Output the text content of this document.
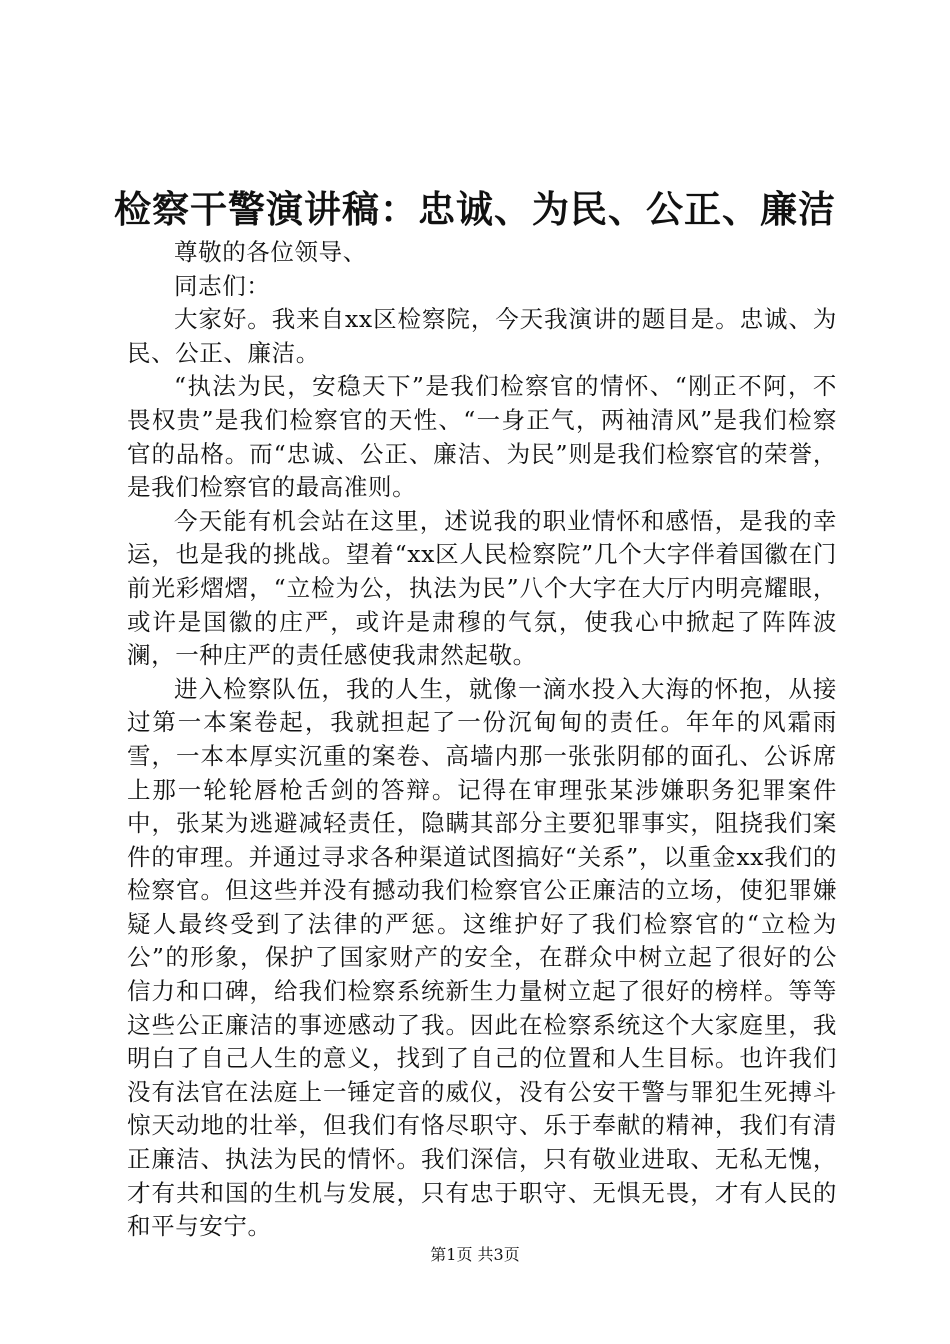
检察干警演讲稿：忠诚、为民、公正、廉洁

尊敬的各位领导、

同志们：

大家好。我来自xx区检察院，今天我演讲的题目是。忠诚、为民、公正、廉洁。

“执法为民，安稳天下”是我们检察官的情怀、“刚正不阿，不畏权贵”是我们检察官的天性、“一身正气，两袖清风”是我们检察官的品格。而“忠诚、公正、廉洁、为民”则是我们检察官的荣誉，是我们检察官的最高准则。

今天能有机会站在这里，述说我的职业情怀和感悟，是我的幸运，也是我的挑战。望着“xx区人民检察院”几个大字伴着国徽在门前光彩熠熠，“立检为公，执法为民”八个大字在大厅内明亮耀眼，或许是国徽的庄严，或许是肃穆的气氛，使我心中掀起了阵阵波澜，一种庄严的责任感使我肃然起敬。

进入检察队伍，我的人生，就像一滴水投入大海的怀抱，从接过第一本案卷起，我就担起了一份沉甸甸的责任。年年的风霜雨雪，一本本厚实沉重的案卷、高墙内那一张张阴郁的面孔、公诉席上那一轮轮唇枪舌剑的答辩。记得在审理张某涉嫌职务犯罪案件中，张某为逃避减轻责任，隐瞒其部分主要犯罪事实，阻挠我们案件的审理。并通过寻求各种渠道试图搞好“关系”，以重金xx我们的检察官。但这些并没有撼动我们检察官公正廉洁的立场，使犯罪嫌疑人最终受到了法律的严惩。这维护好了我们检察官的“立检为公”的形象，保护了国家财产的安全，在群众中树立起了很好的公信力和口碑，给我们检察系统新生力量树立起了很好的榜样。等等这些公正廉洁的事迹感动了我。因此在检察系统这个大家庭里，我明白了自己人生的意义，找到了自己的位置和人生目标。也许我们没有法官在法庭上一锤定音的威仪，没有公安干警与罪犯生死搏斗惊天动地的壮举，但我们有恪尽职守、乐于奉献的精神，我们有清正廉洁、执法为民的情怀。我们深信，只有敬业进取、无私无愧，才有共和国的生机与发展，只有忠于职守、无惧无畏，才有人民的和平与安宁。

第1页 共3页
